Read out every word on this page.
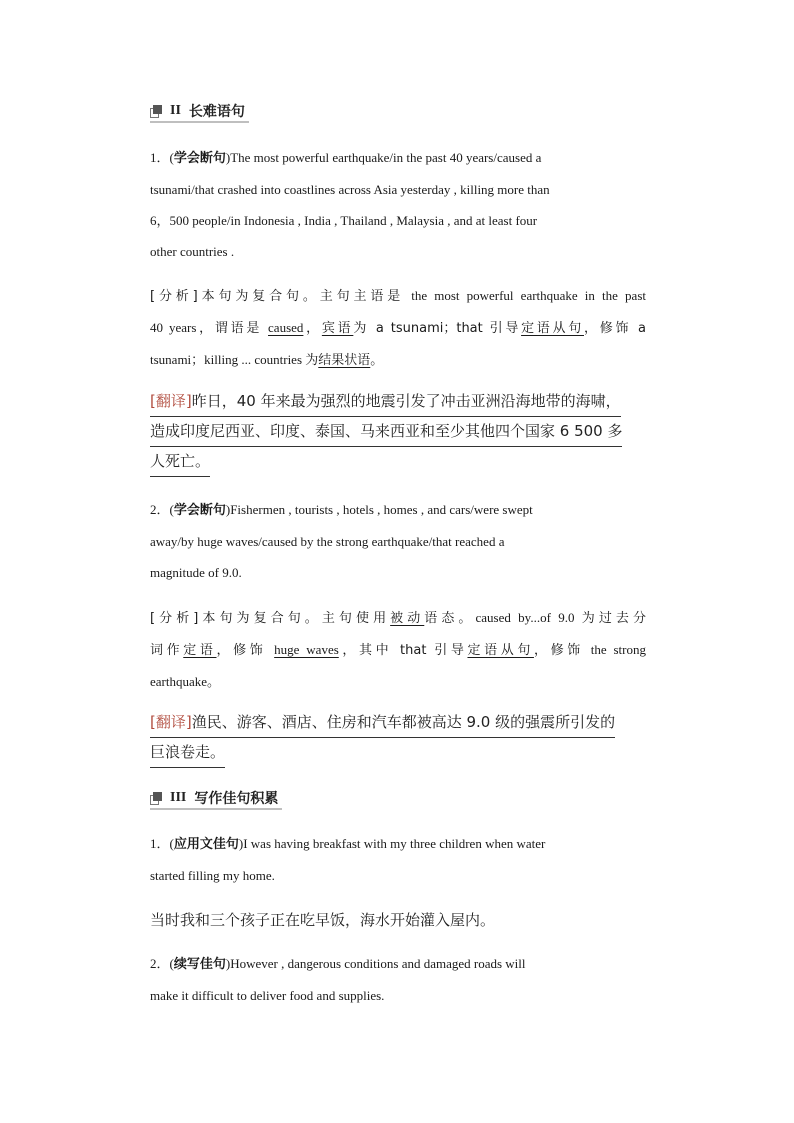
II 长难语句
1．(学会断句)The most powerful earthquake/in the past 40 years/caused a
tsunami/that crashed into coastlines across Asia yesterday , killing more than
6，500 people/in Indonesia , India , Thailand , Malaysia , and at least four
other countries .
[分析]本句为复合句。主句主语是 the most powerful earthquake in the past
40 years，谓语是 caused，宾语为 a tsunami；that 引导定语从句，修饰 a
tsunami；killing ... countries 为结果状语。
[翻译]昨日，40 年来最为强烈的地震引发了冲击亚洲沿海地带的海啸，
造成印度尼西亚、印度、泰国、马来西亚和至少其他四个国家 6 500 多
人死亡。
2．(学会断句)Fishermen , tourists , hotels , homes , and cars/were swept
away/by huge waves/caused by the strong earthquake/that reached a
magnitude of 9.0.
[分析]本句为复合句。主句使用被动语态。caused by...of 9.0 为过去分
词作定语，修饰 huge waves，其中 that 引导定语从句，修饰 the strong
earthquake。
[翻译]渔民、游客、酒店、住房和汽车都被高达 9.0 级的强震所引发的
巨浪卷走。
III 写作佳句积累
1．(应用文佳句)I was having breakfast with my three children when water
started filling my home.
当时我和三个孩子正在吃早饭，海水开始灌入屋内。
2．(续写佳句)However , dangerous conditions and damaged roads will
make it difficult to deliver food and supplies.
